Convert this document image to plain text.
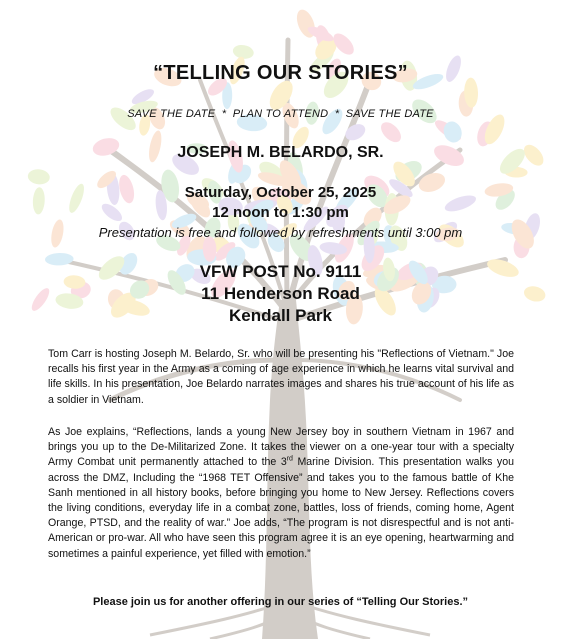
“TELLING OUR STORIES”
SAVE THE DATE  *  PLAN TO ATTEND  *  SAVE THE DATE
JOSEPH M. BELARDO, SR.
Saturday, October 25, 2025
12 noon to 1:30 pm
Presentation is free and followed by refreshments until 3:00 pm
VFW POST No. 9111
11 Henderson Road
Kendall Park
Tom Carr is hosting Joseph M. Belardo, Sr. who will be presenting his "Reflections of Vietnam." Joe recalls his first year in the Army as a coming of age experience in which he learns vital survival and life skills. In his presentation, Joe Belardo narrates images and shares his true account of his life as a soldier in Vietnam.
As Joe explains, “Reflections, lands a young New Jersey boy in southern Vietnam in 1967 and brings you up to the De-Militarized Zone. It takes the viewer on a one-year tour with a specialty Army Combat unit permanently attached to the 3rd Marine Division. This presentation walks you across the DMZ, Including the “1968 TET Offensive” and takes you to the famous battle of Khe Sanh mentioned in all history books, before bringing you home to New Jersey. Reflections covers the living conditions, everyday life in a combat zone, battles, loss of friends, coming home, Agent Orange, PTSD, and the reality of war.” Joe adds, “The program is not disrespectful and is not anti-American or pro-war. All who have seen this program agree it is an eye opening, heartwarming and sometimes a painful experience, yet filled with emotion.”
Please join us for another offering in our series of “Telling Our Stories.”
